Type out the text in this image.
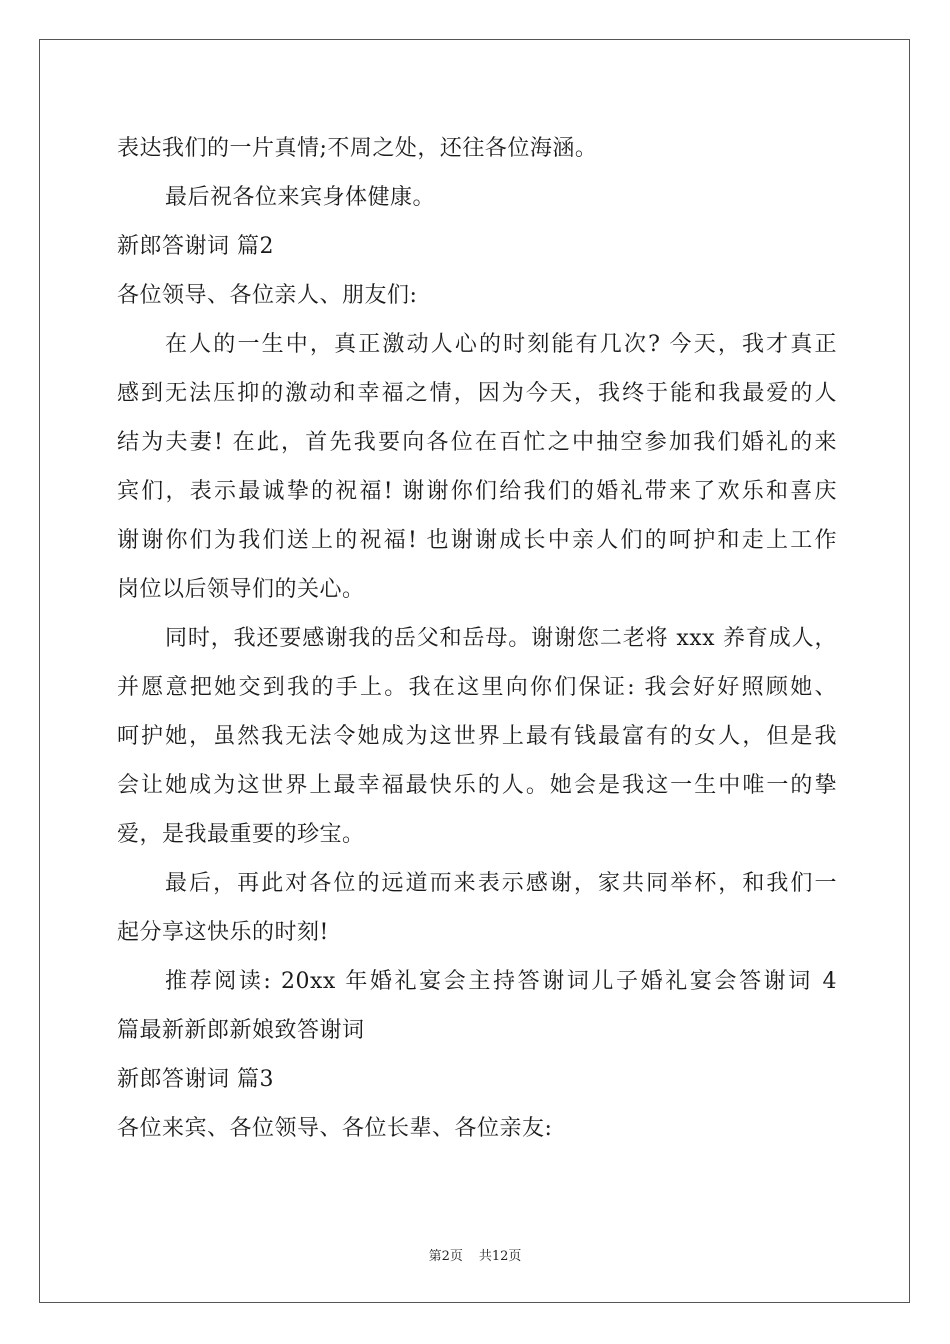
表达我们的一片真情;不周之处，还往各位海涵。
最后祝各位来宾身体健康。
新郎答谢词 篇2
各位领导、各位亲人、朋友们:
在人的一生中，真正激动人心的时刻能有几次? 今天，我才真正
感到无法压抑的激动和幸福之情，因为今天，我终于能和我最爱的人
结为夫妻! 在此，首先我要向各位在百忙之中抽空参加我们婚礼的来
宾们，表示最诚挚的祝福! 谢谢你们给我们的婚礼带来了欢乐和喜庆
谢谢你们为我们送上的祝福! 也谢谢成长中亲人们的呵护和走上工作
岗位以后领导们的关心。
同时，我还要感谢我的岳父和岳母。谢谢您二老将 xxx 养育成人，
并愿意把她交到我的手上。我在这里向你们保证: 我会好好照顾她、
呵护她，虽然我无法令她成为这世界上最有钱最富有的女人，但是我
会让她成为这世界上最幸福最快乐的人。她会是我这一生中唯一的挚
爱，是我最重要的珍宝。
最后，再此对各位的远道而来表示感谢，家共同举杯，和我们一
起分享这快乐的时刻!
推荐阅读: 20xx 年婚礼宴会主持答谢词儿子婚礼宴会答谢词 4
篇最新新郎新娘致答谢词
新郎答谢词 篇3
各位来宾、各位领导、各位长辈、各位亲友:
第2页 共12页
